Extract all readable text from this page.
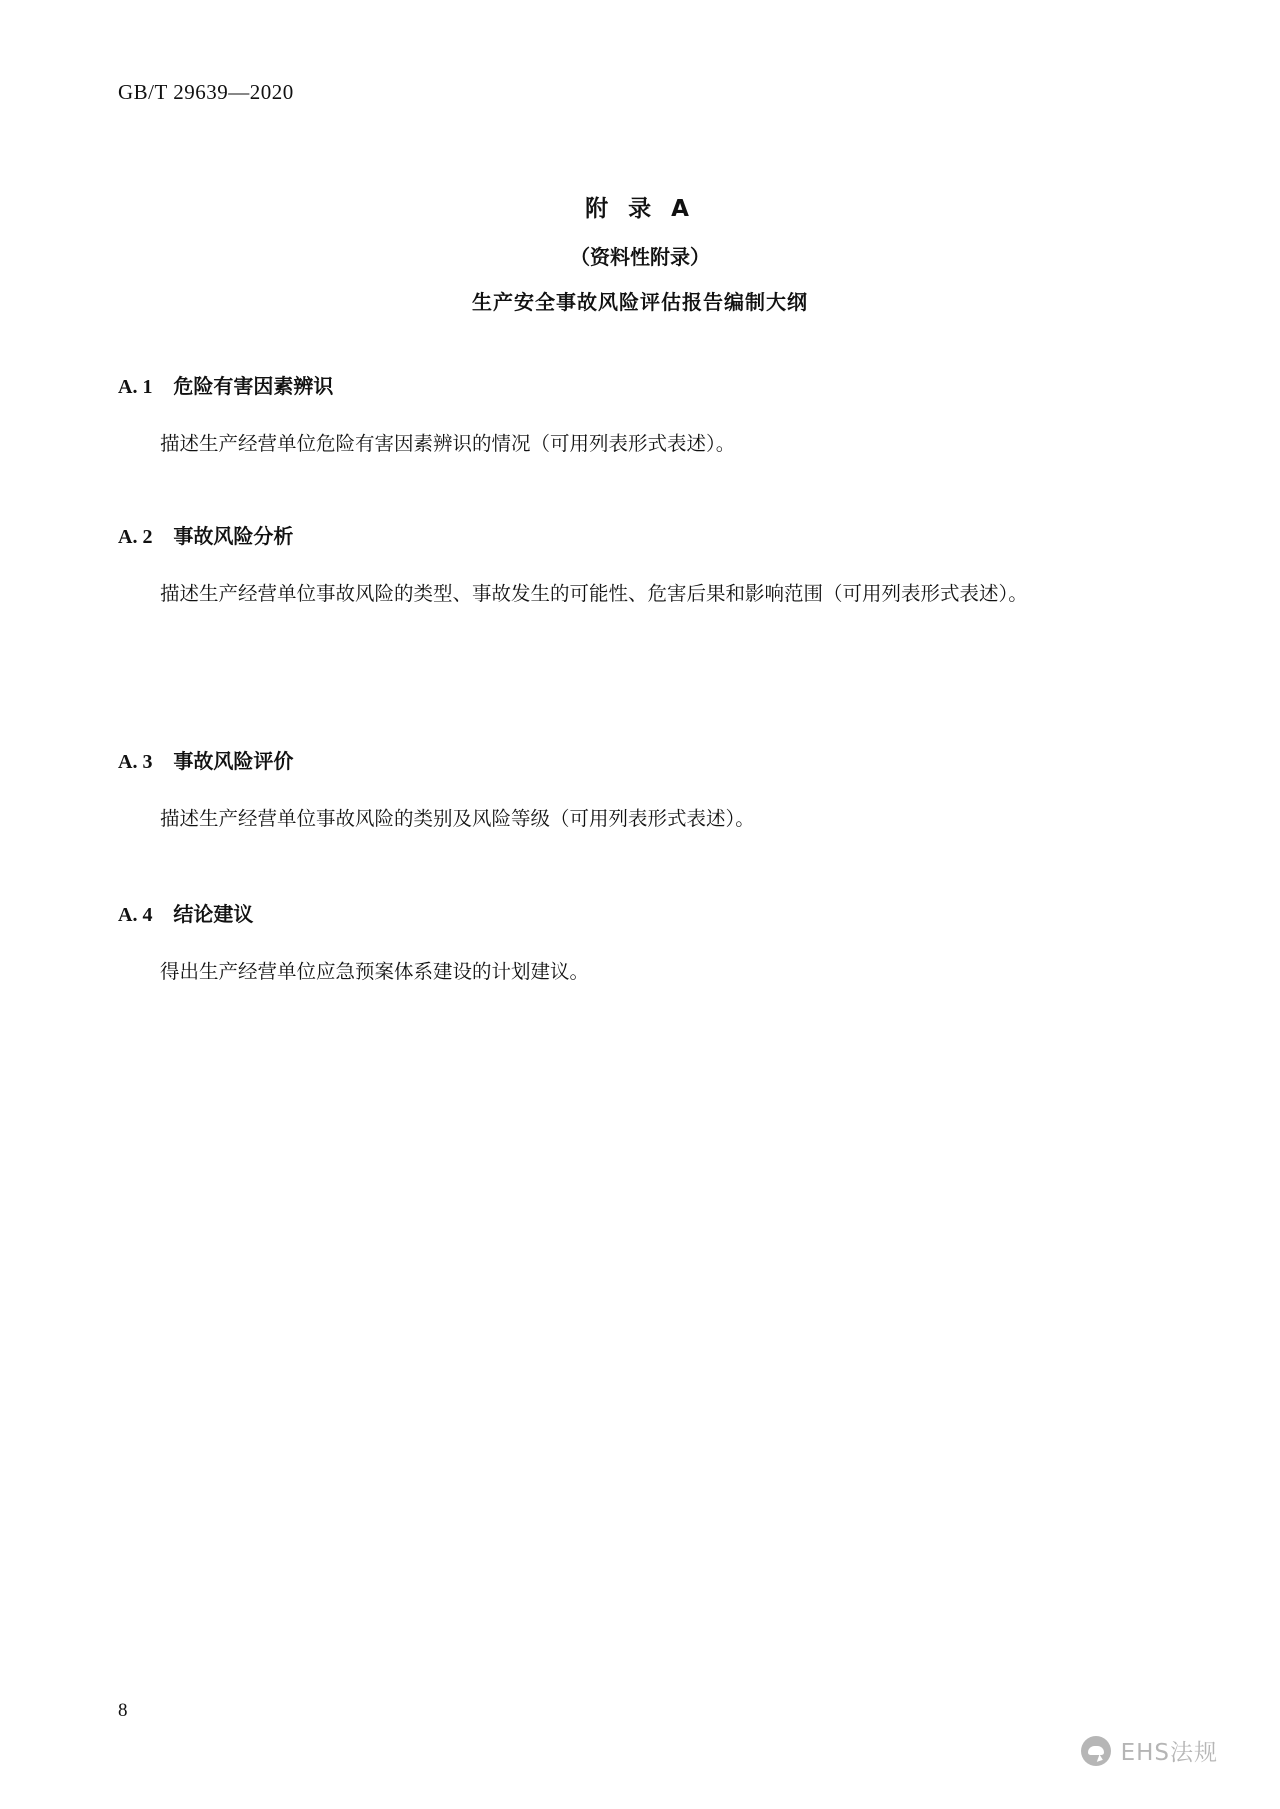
GB/T 29639—2020
附 录 A
（资料性附录）
生产安全事故风险评估报告编制大纲
A. 1 危险有害因素辨识
描述生产经营单位危险有害因素辨识的情况（可用列表形式表述）。
A. 2 事故风险分析
描述生产经营单位事故风险的类型、事故发生的可能性、危害后果和影响范围（可用列表形式表述）。
A. 3 事故风险评价
描述生产经营单位事故风险的类别及风险等级（可用列表形式表述）。
A. 4 结论建议
得出生产经营单位应急预案体系建设的计划建议。
8
EHS法规
